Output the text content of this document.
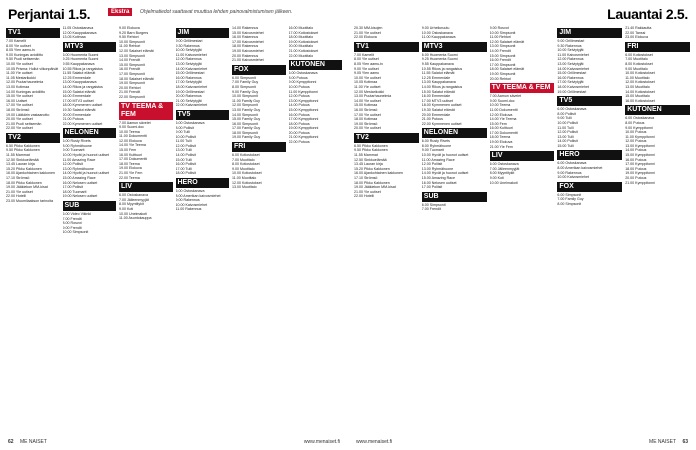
Perjantai 1.5.	Ekstra	Ohjelmatiedot saattavat muuttua lehden painovalmistumisen jälkeen.
TV1
7.00 Kamelit
8.00 Yle uutiset
8.05 Ylen aamu-tv
9.00 Kuningas avioliitto
9.50 Puoli seitsemän
10.00 Yle uutiset
10.05 Prisma: Hullut viikonpäivät
11.00 Yle uutiset
11.05 Mestarikokki
12.00 Puutarhaunelmia
13.00 Kotimaa
14.00 Kuningas avioliitto
15.00 Yle uutiset
16.00 Uutiset
17.00 Yle uutiset
18.00 Strömsö
19.00 Lääkärin vastaanotto
20.00 Yle uutiset
21.00 Puoli seitsemän
22.00 Yle uutiset
TV2
6.50 Pikku Kakkonen
9.50 Pikku Kakkonen
11.55 Mammat
12.50 Sinkkuelämää
13.45 Lauran kirja
15.20 Pikku Kakkonen
16.00 Ajankohtainen kakkonen
17.10 Strömsö
18.00 Pikku Kakkonen
19.00 Jääkiekon MM-kisat
21.00 Yle uutiset
22.00 Hotelli
23.00 Muumilaakson tarinoita
11.05 Ostoskanava
12.00 Kauppakanava
13.05 Kotimaa
MTV3
6.00 Huomenta Suomi
9.25 Huomenta Suomi
9.55 Kauppakanava
10.55 Rikos ja rangaistus
11.55 Salatut elämät
12.25 Emmerdale
13.00 Kauppakanava
14.00 Rikos ja rangaistus
15.00 Salatut elämät
16.00 Emmerdale
17.00 MTV3 uutiset
18.00 Kymmenen uutiset
19.30 Salatut elämät
20.00 Emmerdale
21.00 Putous
22.00 Kymmenen uutiset
NELONEN
6.00 Rusty Rivets
8.00 Ryhmähuone
9.00 Tuomarit
10.00 Hyvät ja huonot uutiset
11.00 Amazing Race
12.00 Poliisit
13.00 Ryhmähuone
14.00 Hyvät ja huonot uutiset
15.00 Amazing Race
16.00 Nelosen uutiset
17.00 Poliisit
18.00 Tuomarit
19.00 Nelosen uutiset
SUB
6.00 Video Vikinki
7.00 Frendit
8.00 Rosvot
9.00 Frendit
10.00 Simpsonit
9.00 Elokuva
9.20 Barn Burgers
9.50 Rehtori
10.00 Simpsonit
11.00 Rehtori
12.00 Salaiset elämät
13.00 Simpsonit
14.00 Frendit
15.00 Simpsonit
16.00 Frendit
17.00 Simpsonit
18.00 Salaiset elämät
19.00 Simpsonit
20.00 Rehtori
21.00 Frendit
22.00 Simpsonit
TV TEEMA & FEM
7.00 Aamun sävelet
9.00 Suomi.doc
10.00 Teema
11.00 Dokumentti
12.00 Elokuva
14.00 Yle Teema
15.00 Fem
16.00 Kulttuuri
17.00 Dokumentti
18.00 Teema
19.00 Elokuva
21.00 Yle Fem
22.00 Teema
LIV
6.00 Ostoskanava
7.00 Jälleenmyyjät
8.00 Myyntitykit
9.00 Koti
10.00 Unelmakoti
11.00 Asuntokauppa
JIM
9.00 Grillimestari
9.30 Rakennus
10.00 Selviytyjät
11.00 Kaivosmiehet
12.00 Rakennus
13.00 Selviytyjät
14.00 Kaivosmiehet
15.00 Grillimestari
16.00 Rakennus
17.00 Selviytyjät
18.00 Kaivosmiehet
19.00 Grillimestari
20.00 Rakennus
21.00 Selviytyjät
22.00 Kaivosmiehet
TV5
6.00 Ostoskanava
8.00 Poliisit
9.00 Tulli
10.00 Poliisit
11.00 Tulli
12.00 Poliisit
13.00 Tulli
14.00 Poliisit
15.00 Tulli
16.00 Poliisit
17.00 Tulli
18.00 Poliisit
HERO
6.00 Ostoskanava
8.00 Amerikan kaivosmiehet
9.00 Rakennus
10.00 Kaivosmiehet
11.00 Rakennus
14.00 Rakennus
15.00 Kaivosmiehet
16.00 Rakennus
17.00 Kaivosmiehet
18.00 Rakennus
19.00 Kaivosmiehet
20.00 Rakennus
21.00 Kaivosmiehet
FOX
6.00 Simpsonit
7.00 Family Guy
8.00 Simpsonit
9.00 Family Guy
10.00 Simpsonit
11.00 Family Guy
12.00 Simpsonit
13.00 Family Guy
14.00 Simpsonit
15.00 Family Guy
16.00 Simpsonit
17.00 Family Guy
18.00 Simpsonit
19.00 Family Guy
FRI
6.00 Kotiostokset
7.00 Muotitalo
8.00 Kotiostokset
9.00 Muotitalo
10.00 Kotiostokset
11.00 Muotitalo
12.00 Kotiostokset
13.00 Muotitalo
16.00 Muotitalo
17.00 Kotiostokset
18.00 Muotitalo
19.00 Kotiostokset
20.00 Muotitalo
21.00 Kotiostokset
22.00 Muotitalo
KUTONEN
6.00 Ostoskanava
8.00 Putous
9.00 Kymppitonni
10.00 Putous
11.00 Kymppitonni
12.00 Putous
13.00 Kymppitonni
14.00 Putous
15.00 Kymppitonni
16.00 Putous
17.00 Kymppitonni
18.00 Putous
19.00 Kymppitonni
20.00 Putous
21.00 Kymppitonni
22.00 Putous
62 ME NAISET	www.menaiset.fi
Lauantai 2.5.
20.30 MM-kisojen
21.00 Yle uutiset
22.00 Elokuva
TV1
7.00 Kamelit
8.00 Yle uutiset
8.05 Ylen aamu-tv
9.00 Yle uutiset
9.05 Ylen aamu
10.00 Yle uutiset
10.05 Kotimaa
11.00 Yle uutiset
12.00 Mestarikokki
13.00 Puutarhaunelmia
14.00 Yle uutiset
15.00 Kotimaa
16.00 Strömsö
17.00 Yle uutiset
18.00 Kotimaa
19.00 Strömsö
20.00 Yle uutiset
TV2
6.50 Pikku Kakkonen
9.50 Pikku Kakkonen
11.55 Mammat
12.50 Sinkkuelämää
13.45 Lauran kirja
15.20 Pikku Kakkonen
16.00 Ajankohtainen kakkonen
17.10 Strömsö
18.00 Pikku Kakkonen
19.00 Jääkiekon MM-kisat
21.00 Yle uutiset
22.00 Hotelli
9.00 Urheiluruutu
10.00 Ostoskanava
11.00 Kauppakanava
MTV3
6.00 Huomenta Suomi
9.25 Huomenta Suomi
9.55 Kauppakanava
10.55 Rikos ja rangaistus
11.55 Salatut elämät
12.25 Emmerdale
13.00 Kauppakanava
14.00 Rikos ja rangaistus
15.00 Salatut elämät
16.00 Emmerdale
17.00 MTV3 uutiset
18.00 Kymmenen uutiset
19.30 Salatut elämät
20.00 Emmerdale
21.00 Putous
22.00 Kymmenen uutiset
NELONEN
6.00 Rusty Rivets
8.00 Ryhmähuone
9.00 Tuomarit
10.00 Hyvät ja huonot uutiset
11.00 Amazing Race
12.00 Poliisit
13.00 Ryhmähuone
14.00 Hyvät ja huonot uutiset
15.00 Amazing Race
16.00 Nelosen uutiset
17.00 Poliisit
SUB
6.00 Simpsonit
7.00 Frendit
9.00 Rosvot
10.00 Simpsonit
11.00 Rehtori
12.00 Salaiset elämät
13.00 Simpsonit
14.00 Frendit
15.00 Simpsonit
16.00 Frendit
17.00 Simpsonit
18.00 Salaiset elämät
19.00 Simpsonit
20.00 Rehtori
TV TEEMA & FEM
7.00 Aamun sävelet
9.00 Suomi.doc
10.00 Teema
11.00 Dokumentti
12.00 Elokuva
14.00 Yle Teema
15.00 Fem
16.00 Kulttuuri
17.00 Dokumentti
18.00 Teema
19.00 Elokuva
21.00 Yle Fem
LIV
6.00 Ostoskanava
7.00 Jälleenmyyjät
8.00 Myyntitykit
9.00 Koti
10.00 Unelmakoti
JIM
9.00 Grillimestari
9.30 Rakennus
10.00 Selviytyjät
11.00 Kaivosmiehet
12.00 Rakennus
13.00 Selviytyjät
14.00 Kaivosmiehet
15.00 Grillimestari
16.00 Rakennus
17.00 Selviytyjät
18.00 Kaivosmiehet
19.00 Grillimestari
TV5
6.00 Ostoskanava
8.00 Poliisit
9.00 Tulli
10.00 Poliisit
11.00 Tulli
12.00 Poliisit
13.00 Tulli
14.00 Poliisit
15.00 Tulli
HERO
6.00 Ostoskanava
8.00 Amerikan kaivosmiehet
9.00 Rakennus
10.00 Kaivosmiehet
FOX
6.00 Simpsonit
7.00 Family Guy
8.00 Simpsonit
21.40 Rakkautta
22.00 Tanssi
23.00 Elokuva
FRI
6.00 Kotiostokset
7.00 Muotitalo
8.00 Kotiostokset
9.00 Muotitalo
10.00 Kotiostokset
11.00 Muotitalo
12.00 Kotiostokset
13.00 Muotitalo
14.00 Kotiostokset
15.00 Muotitalo
16.00 Kotiostokset
KUTONEN
6.00 Ostoskanava
8.00 Putous
9.00 Kymppitonni
10.00 Putous
11.00 Kymppitonni
12.00 Putous
13.00 Kymppitonni
14.00 Putous
15.00 Kymppitonni
16.00 Putous
17.00 Kymppitonni
18.00 Putous
19.00 Kymppitonni
20.00 Putous
21.00 Kymppitonni
63
ME NAISET
www.menaiset.fi
